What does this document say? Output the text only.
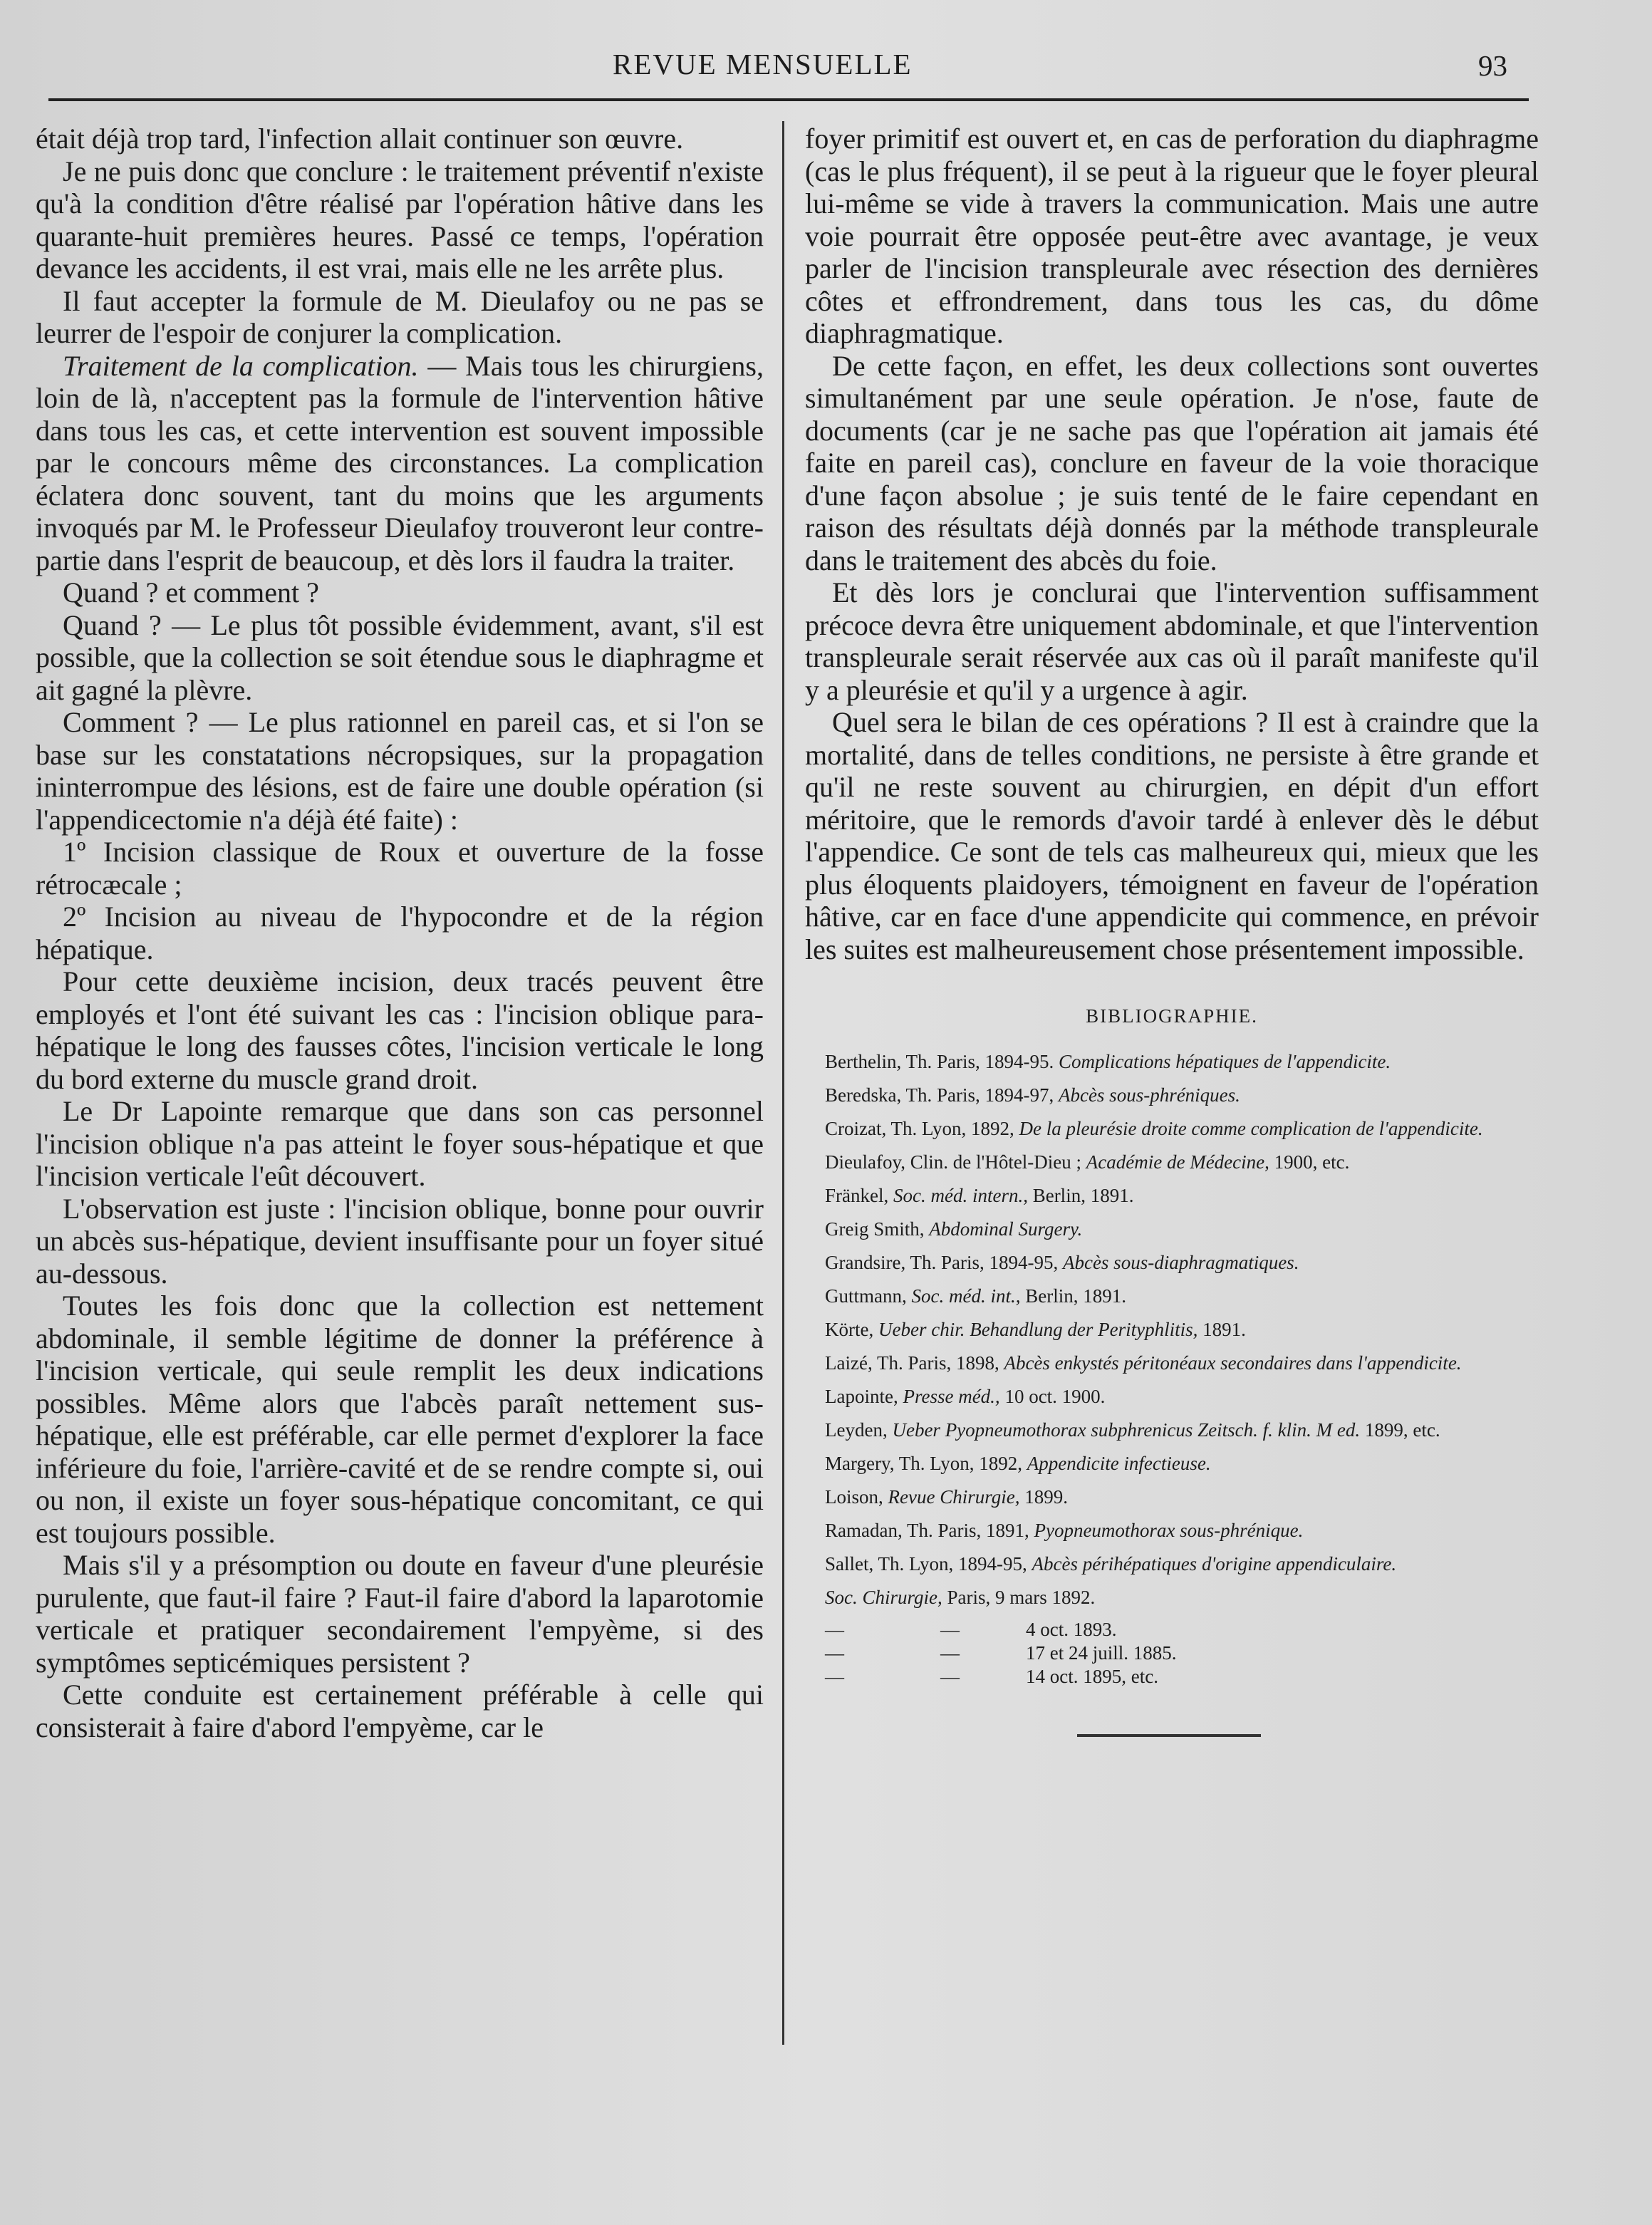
REVUE MENSUELLE	93

était déjà trop tard, l'infection allait continuer son œuvre.

Je ne puis donc que conclure : le traitement préventif n'existe qu'à la condition d'être réalisé par l'opération hâtive dans les quarante-huit premières heures. Passé ce temps, l'opération devance les accidents, il est vrai, mais elle ne les arrête plus.

Il faut accepter la formule de M. Dieulafoy ou ne pas se leurrer de l'espoir de conjurer la complication.

Traitement de la complication. — Mais tous les chirurgiens, loin de là, n'acceptent pas la formule de l'intervention hâtive dans tous les cas, et cette intervention est souvent impossible par le concours même des circonstances. La complication éclatera donc souvent, tant du moins que les arguments invoqués par M. le Professeur Dieulafoy trouveront leur contre-partie dans l'esprit de beaucoup, et dès lors il faudra la traiter.

Quand ? et comment ?

Quand ? — Le plus tôt possible évidemment, avant, s'il est possible, que la collection se soit étendue sous le diaphragme et ait gagné la plèvre.

Comment ? — Le plus rationnel en pareil cas, et si l'on se base sur les constatations nécropsiques, sur la propagation ininterrompue des lésions, est de faire une double opération (si l'appendicectomie n'a déjà été faite) :

1º Incision classique de Roux et ouverture de la fosse rétrocæcale ;

2º Incision au niveau de l'hypocondre et de la région hépatique.

Pour cette deuxième incision, deux tracés peuvent être employés et l'ont été suivant les cas : l'incision oblique para-hépatique le long des fausses côtes, l'incision verticale le long du bord externe du muscle grand droit.

Le Dr Lapointe remarque que dans son cas personnel l'incision oblique n'a pas atteint le foyer sous-hépatique et que l'incision verticale l'eût découvert.

L'observation est juste : l'incision oblique, bonne pour ouvrir un abcès sus-hépatique, devient insuffisante pour un foyer situé au-dessous.

Toutes les fois donc que la collection est nettement abdominale, il semble légitime de donner la préférence à l'incision verticale, qui seule remplit les deux indications possibles. Même alors que l'abcès paraît nettement sus-hépatique, elle est préférable, car elle permet d'explorer la face inférieure du foie, l'arrière-cavité et de se rendre compte si, oui ou non, il existe un foyer sous-hépatique concomitant, ce qui est toujours possible.

Mais s'il y a présomption ou doute en faveur d'une pleurésie purulente, que faut-il faire ? Faut-il faire d'abord la laparotomie verticale et pratiquer secondairement l'empyème, si des symptômes septicémiques persistent ?

Cette conduite est certainement préférable à celle qui consisterait à faire d'abord l'empyème, car le

foyer primitif est ouvert et, en cas de perforation du diaphragme (cas le plus fréquent), il se peut à la rigueur que le foyer pleural lui-même se vide à travers la communication. Mais une autre voie pourrait être opposée peut-être avec avantage, je veux parler de l'incision transpleurale avec résection des dernières côtes et effrondrement, dans tous les cas, du dôme diaphragmatique.

De cette façon, en effet, les deux collections sont ouvertes simultanément par une seule opération. Je n'ose, faute de documents (car je ne sache pas que l'opération ait jamais été faite en pareil cas), conclure en faveur de la voie thoracique d'une façon absolue ; je suis tenté de le faire cependant en raison des résultats déjà donnés par la méthode transpleurale dans le traitement des abcès du foie.

Et dès lors je conclurai que l'intervention suffisamment précoce devra être uniquement abdominale, et que l'intervention transpleurale serait réservée aux cas où il paraît manifeste qu'il y a pleurésie et qu'il y a urgence à agir.

Quel sera le bilan de ces opérations ? Il est à craindre que la mortalité, dans de telles conditions, ne persiste à être grande et qu'il ne reste souvent au chirurgien, en dépit d'un effort méritoire, que le remords d'avoir tardé à enlever dès le début l'appendice. Ce sont de tels cas malheureux qui, mieux que les plus éloquents plaidoyers, témoignent en faveur de l'opération hâtive, car en face d'une appendicite qui commence, en prévoir les suites est malheureusement chose présentement impossible.

BIBLIOGRAPHIE.
Berthelin, Th. Paris, 1894-95. Complications hépatiques de l'appendicite.
Beredska, Th. Paris, 1894-97, Abcès sous-phréniques.
Croizat, Th. Lyon, 1892, De la pleurésie droite comme complication de l'appendicite.
Dieulafoy, Clin. de l'Hôtel-Dieu ; Académie de Médecine, 1900, etc.
Fränkel, Soc. méd. intern., Berlin, 1891.
Greig Smith, Abdominal Surgery.
Grandsire, Th. Paris, 1894-95, Abcès sous-diaphragmatiques.
Guttmann, Soc. méd. int., Berlin, 1891.
Körte, Ueber chir. Behandlung der Perityphlitis, 1891.
Laizé, Th. Paris, 1898, Abcès enkystés péritonéaux secondaires dans l'appendicite.
Lapointe, Presse méd., 10 oct. 1900.
Leyden, Ueber Pyopneumothorax subphrenicus Zeitsch. f. klin. M ed. 1899, etc.
Margery, Th. Lyon, 1892, Appendicite infectieuse.
Loison, Revue Chirurgie, 1899.
Ramadan, Th. Paris, 1891, Pyopneumothorax sous-phrénique.
Sallet, Th. Lyon, 1894-95, Abcès périhépatiques d'origine appendiculaire.
Soc. Chirurgie, Paris, 9 mars 1892.
—	—	4 oct. 1893.
—	—	17 et 24 juill. 1885.
—	—	14 oct. 1895, etc.
